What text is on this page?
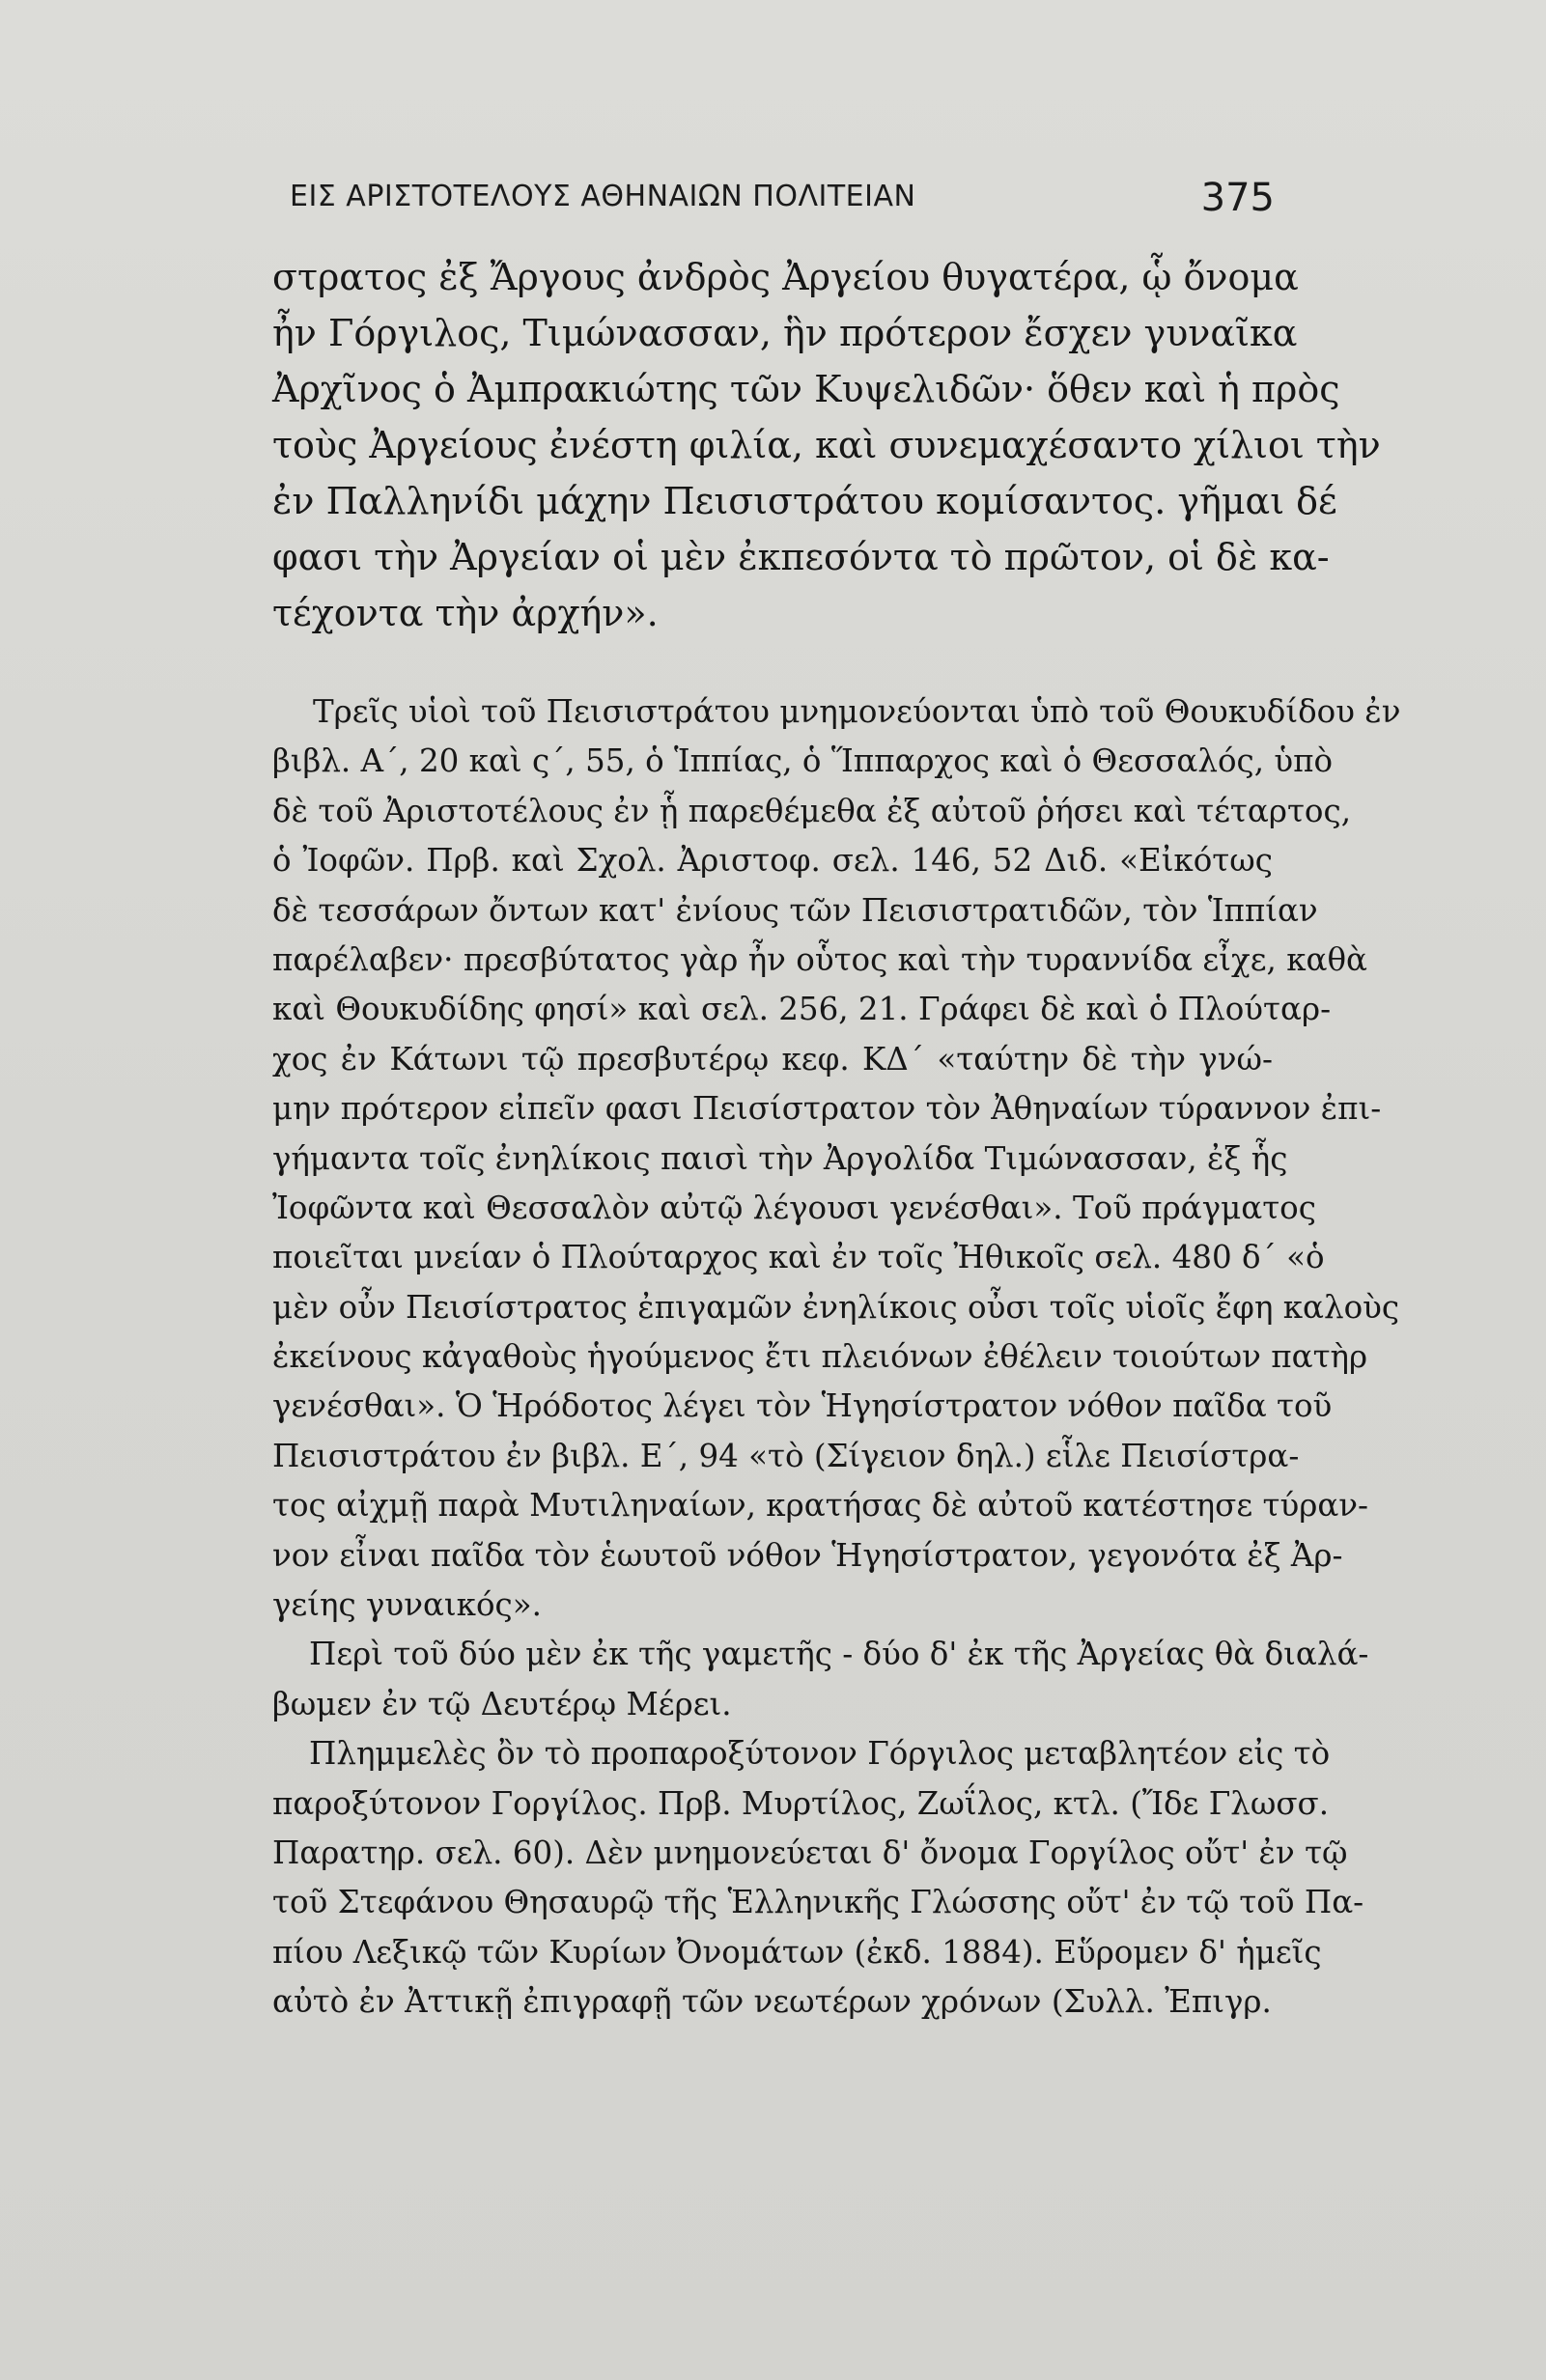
ΕΙΣ ΑΡΙΣΤΟΤΕΛΟΥΣ ΑΘΗΝΑΙΩΝ ΠΟΛΙΤΕΙΑΝ	375
στρατος ἐξ Ἄργους ἀνδρὸς Ἀργείου θυγατέρα, ᾧ ὄνομα
ἦν Γόργιλος, Τιμώνασσαν, ἣν πρότερον ἔσχεν γυναῖκα
Ἀρχῖνος ὁ Ἀμπρακιώτης τῶν Κυψελιδῶν· ὅθεν καὶ ἡ πρὸς
τοὺς Ἀργείους ἐνέστη φιλία, καὶ συνεμαχέσαντο χίλιοι τὴν
ἐν Παλληνίδι μάχην Πεισιστράτου κομίσαντος. γῆμαι δέ
φασι τὴν Ἀργείαν οἱ μὲν ἐκπεσόντα τὸ πρῶτον, οἱ δὲ κα-
τέχοντα τὴν ἀρχήν».
Τρεῖς υἱοὶ τοῦ Πεισιστράτου μνημονεύονται ὑπὸ τοῦ Θουκυδίδου ἐν
βιβλ. Α΄, 20 καὶ ς΄, 55, ὁ Ἱππίας, ὁ Ἵππαρχος καὶ ὁ Θεσσαλός, ὑπὸ
δὲ τοῦ Ἀριστοτέλους ἐν ᾗ παρεθέμεθα ἐξ αὐτοῦ ῥήσει καὶ τέταρτος,
ὁ Ἰοφῶν. Πρβ. καὶ Σχολ. Ἀριστοφ. σελ. 146, 52 Διδ. «Εἰκότως
δὲ τεσσάρων ὄντων κατ' ἐνίους τῶν Πεισιστρατιδῶν, τὸν Ἱππίαν
παρέλαβεν· πρεσβύτατος γὰρ ἦν οὗτος καὶ τὴν τυραννίδα εἶχε, καθὰ
καὶ Θουκυδίδης φησί» καὶ σελ. 256, 21. Γράφει δὲ καὶ ὁ Πλούταρ-
χος ἐν Κάτωνι τῷ πρεσβυτέρῳ κεφ. ΚΔ΄ «ταύτην δὲ τὴν γνώ-
μην πρότερον εἰπεῖν φασι Πεισίστρατον τὸν Ἀθηναίων τύραννον ἐπι-
γήμαντα τοῖς ἐνηλίκοις παισὶ τὴν Ἀργολίδα Τιμώνασσαν, ἐξ ἧς
Ἰοφῶντα καὶ Θεσσαλὸν αὐτῷ λέγουσι γενέσθαι». Τοῦ πράγματος
ποιεῖται μνείαν ὁ Πλούταρχος καὶ ἐν τοῖς Ἠθικοῖς σελ. 480 δ΄ «ὁ
μὲν οὖν Πεισίστρατος ἐπιγαμῶν ἐνηλίκοις οὖσι τοῖς υἱοῖς ἔφη καλοὺς
ἐκείνους κἀγαθοὺς ἡγούμενος ἔτι πλειόνων ἐθέλειν τοιούτων πατὴρ
γενέσθαι». Ὁ Ἡρόδοτος λέγει τὸν Ἡγησίστρατον νόθον παῖδα τοῦ
Πεισιστράτου ἐν βιβλ. Ε΄, 94 «τὸ (Σίγειον δηλ.) εἷλε Πεισίστρα-
τος αἰχμῇ παρὰ Μυτιληναίων, κρατήσας δὲ αὐτοῦ κατέστησε τύραν-
νον εἶναι παῖδα τὸν ἑωυτοῦ νόθον Ἡγησίστρατον, γεγονότα ἐξ Ἀρ-
γείης γυναικός».
Περὶ τοῦ δύο μὲν ἐκ τῆς γαμετῆς - δύο δ' ἐκ τῆς Ἀργείας θὰ διαλά-
βωμεν ἐν τῷ Δευτέρῳ Μέρει.
Πλημμελὲς ὂν τὸ προπαροξύτονον Γόργιλος μεταβλητέον εἰς τὸ
παροξύτονον Γοργίλος. Πρβ. Μυρτίλος, Ζωΐλος, κτλ. (Ἴδε Γλωσσ.
Παρατηρ. σελ. 60). Δὲν μνημονεύεται δ' ὄνομα Γοργίλος οὔτ' ἐν τῷ
τοῦ Στεφάνου Θησαυρῷ τῆς Ἑλληνικῆς Γλώσσης οὔτ' ἐν τῷ τοῦ Πα-
πίου Λεξικῷ τῶν Κυρίων Ὀνομάτων (ἐκδ. 1884). Εὕρομεν δ' ἡμεῖς
αὐτὸ ἐν Ἀττικῇ ἐπιγραφῇ τῶν νεωτέρων χρόνων (Συλλ. Ἐπιγρ.
